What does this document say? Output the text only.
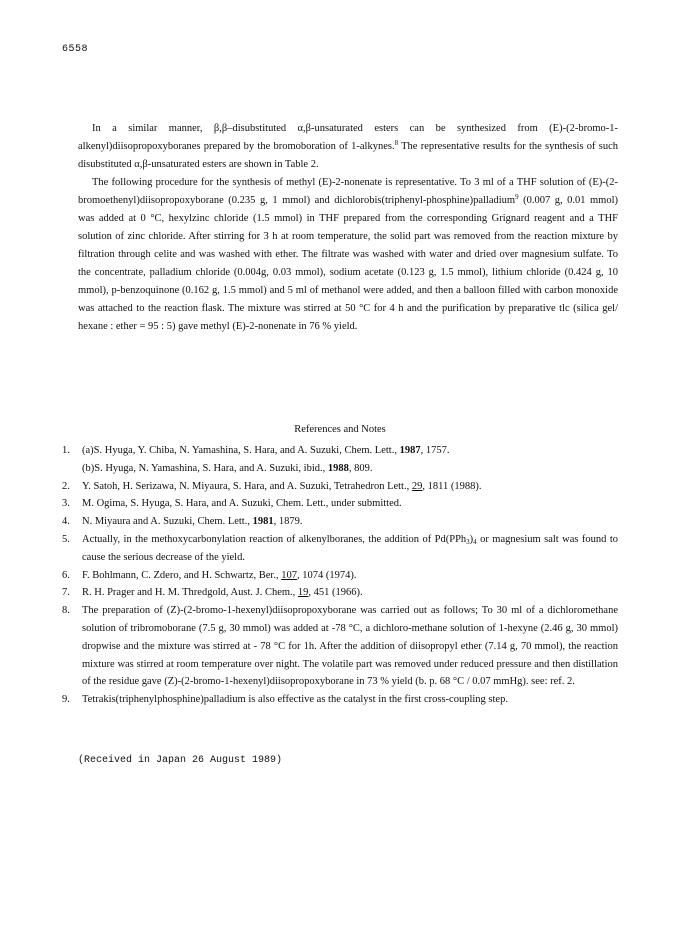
6558

In a similar manner, β,β–disubstituted α,β-unsaturated esters can be synthesized from (E)-(2-bromo-1-alkenyl)diisopropoxyboranes prepared by the bromoboration of 1-alkynes.$^8$ The representative results for the synthesis of such disubstituted α,β-unsaturated esters are shown in Table 2.

The following procedure for the synthesis of methyl (E)-2-nonenate is representative. To 3 ml of a THF solution of (E)-(2-bromoethenyl)diisopropoxyborane (0.235 g, 1 mmol) and dichlorobis(triphenyl-phosphine)palladium$^9$ (0.007 g, 0.01 mmol) was added at 0 °C, hexylzinc chloride (1.5 mmol) in THF prepared from the corresponding Grignard reagent and a THF solution of zinc chloride. After stirring for 3 h at room temperature, the solid part was removed from the reaction mixture by filtration through celite and was washed with ether. The filtrate was washed with water and dried over magnesium sulfate. To the concentrate, palladium chloride (0.004g, 0.03 mmol), sodium acetate (0.123 g, 1.5 mmol), lithium chloride (0.424 g, 10 mmol), p-benzoquinone (0.162 g, 1.5 mmol) and 5 ml of methanol were added, and then a balloon filled with carbon monoxide was attached to the reaction flask. The mixture was stirred at 50 °C for 4 h and the purification by preparative tlc (silica gel/ hexane : ether = 95 : 5) gave methyl (E)-2-nonenate in 76 % yield.

References and Notes
1.	(a)S. Hyuga, Y. Chiba, N. Yamashina, S. Hara, and A. Suzuki, Chem. Lett., 1987, 1757.
(b)S. Hyuga, N. Yamashina, S. Hara, and A. Suzuki, ibid., 1988, 809.
2.	Y. Satoh, H. Serizawa, N. Miyaura, S. Hara, and A. Suzuki, Tetrahedron Lett., 29, 1811 (1988).
3.	M. Ogima, S. Hyuga, S. Hara, and A. Suzuki, Chem. Lett., under submitted.
4.	N. Miyaura and A. Suzuki, Chem. Lett., 1981, 1879.
5.	Actually, in the methoxycarbonylation reaction of alkenylboranes, the addition of $Pd(PPh_3)_4$ or magnesium salt was found to cause the serious decrease of the yield.
6.	F. Bohlmann, C. Zdero, and H. Schwartz, Ber., 107, 1074 (1974).
7.	R. H. Prager and H. M. Thredgold, Aust. J. Chem., 19, 451 (1966).
8.	The preparation of (Z)-(2-bromo-1-hexenyl)diisopropoxyborane was carried out as follows; To 30 ml of a dichloromethane solution of tribromoborane (7.5 g, 30 mmol) was added at -78 °C, a dichloro-methane solution of 1-hexyne (2.46 g, 30 mmol) dropwise and the mixture was stirred at - 78 °C for 1h. After the addition of diisopropyl ether (7.14 g, 70 mmol), the reaction mixture was stirred at room temperature over night. The volatile part was removed under reduced pressure and then distillation of the residue gave (Z)-(2-bromo-1-hexenyl)diisopropoxyborane in 73 % yield (b. p. 68 °C / 0.07 mmHg). see: ref. 2.
9.	Tetrakis(triphenylphosphine)palladium is also effective as the catalyst in the first cross-coupling step.
(Received in Japan 26 August 1989)
